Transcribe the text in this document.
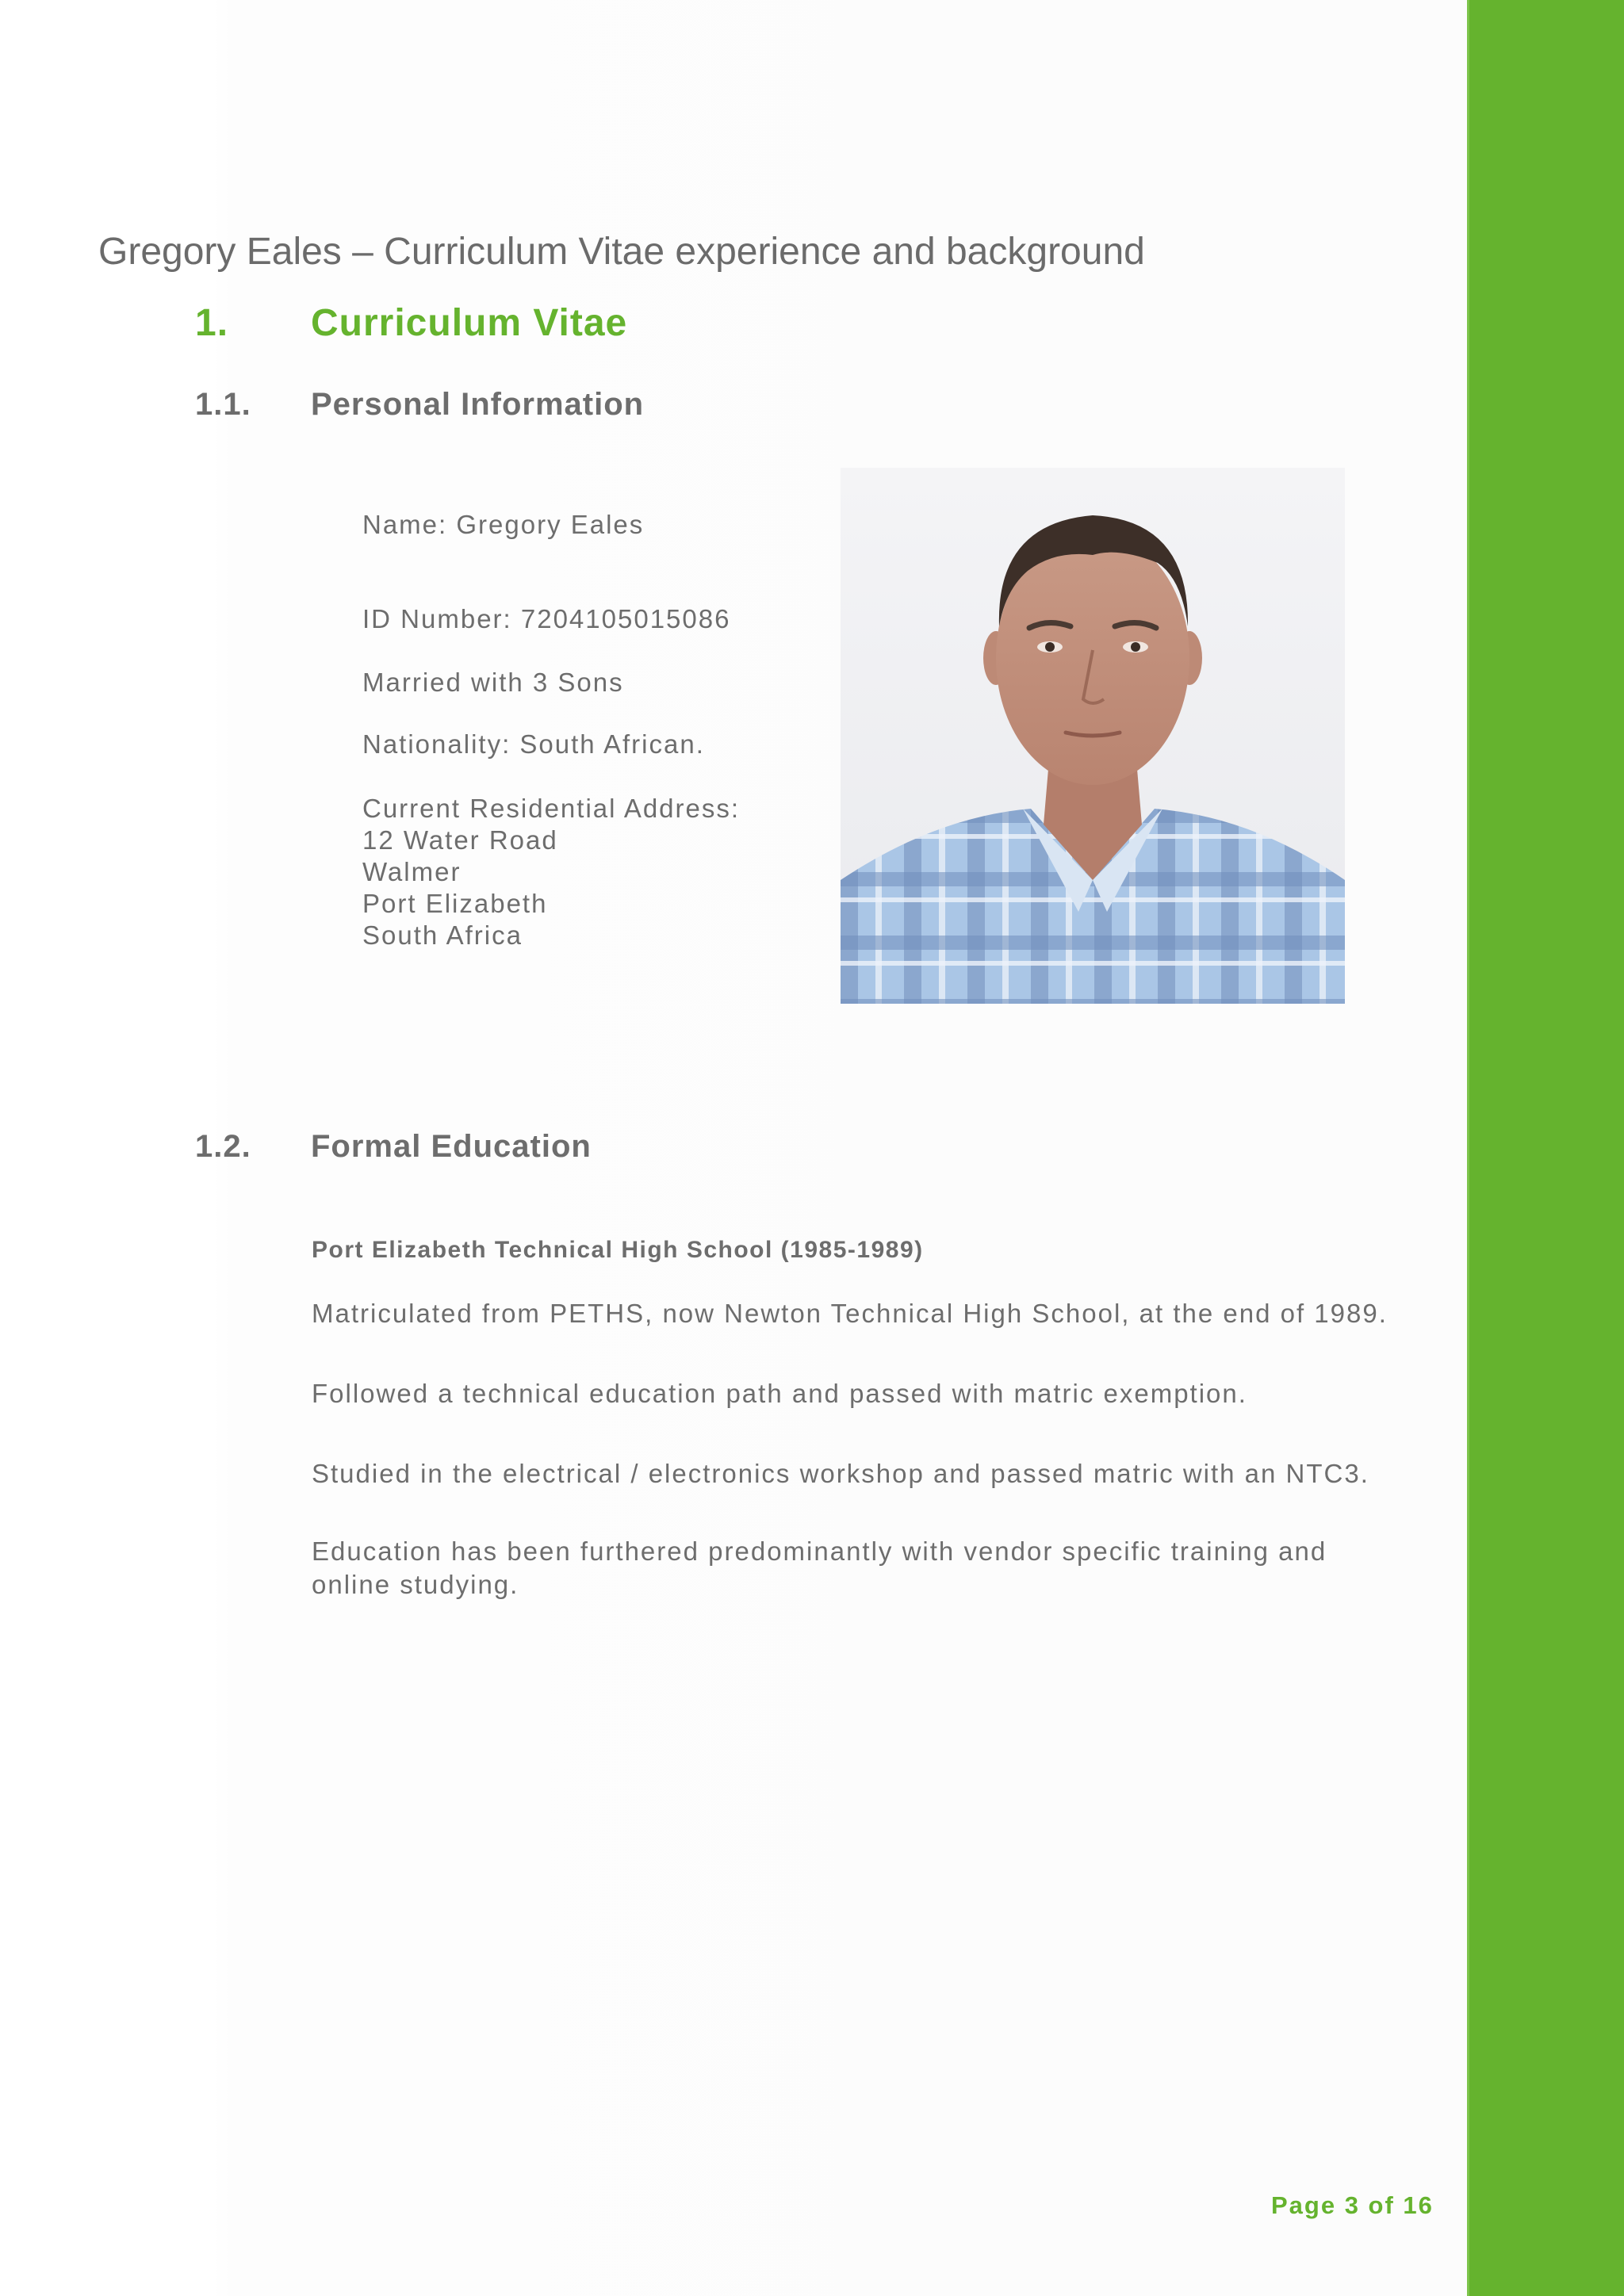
Gregory Eales – Curriculum Vitae experience and background
1. Curriculum Vitae
1.1. Personal Information
Name: Gregory Eales
ID Number: 7204105015086
Married with 3 Sons
Nationality: South African.
Current Residential Address:
12 Water Road
Walmer
Port Elizabeth
South Africa
1.2. Formal Education
Port Elizabeth Technical High School (1985-1989)
Matriculated from PETHS, now Newton Technical High School, at the end of 1989.
Followed a technical education path and passed with matric exemption.
Studied in the electrical / electronics workshop and passed matric with an NTC3.
Education has been furthered predominantly with vendor specific training and online studying.
Page 3 of 16
